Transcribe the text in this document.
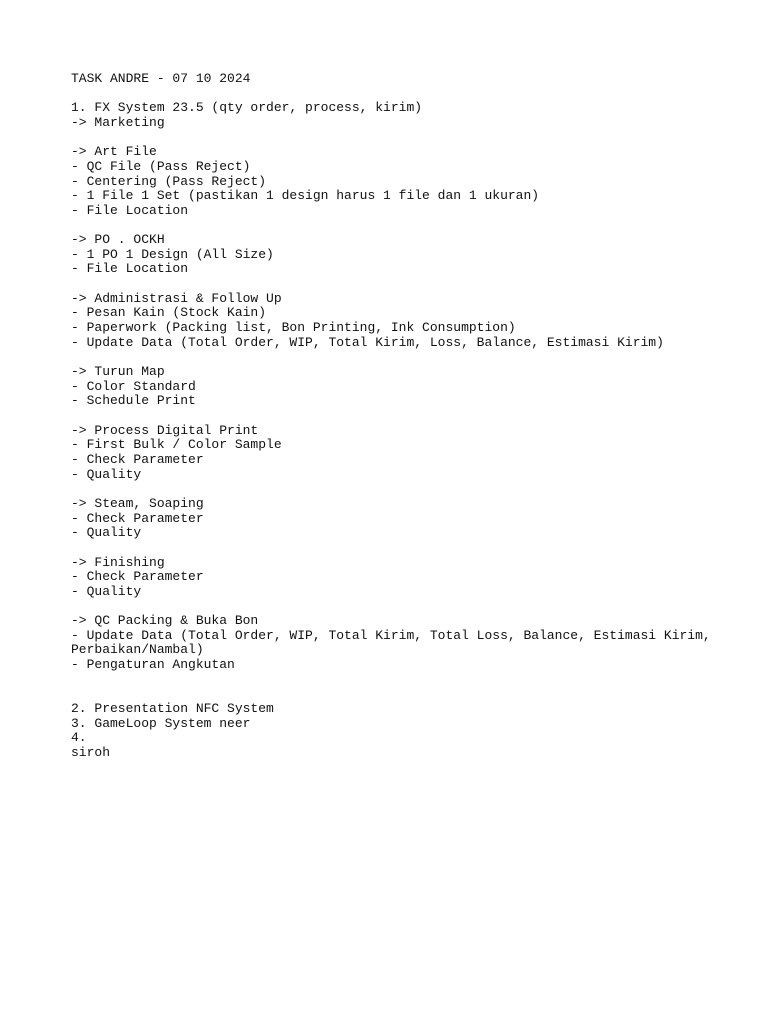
TASK ANDRE - 07 10 2024
1. FX System 23.5 (qty order, process, kirim)
-> Marketing
-> Art File
- QC File (Pass Reject)
- Centering (Pass Reject)
- 1 File 1 Set (pastikan 1 design harus 1 file dan 1 ukuran)
- File Location
-> PO . OCKH
- 1 PO 1 Design (All Size)
- File Location
-> Administrasi & Follow Up
- Pesan Kain (Stock Kain)
- Paperwork (Packing list, Bon Printing, Ink Consumption)
- Update Data (Total Order, WIP, Total Kirim, Loss, Balance, Estimasi Kirim)
-> Turun Map
- Color Standard
- Schedule Print
-> Process Digital Print
- First Bulk / Color Sample
- Check Parameter
- Quality
-> Steam, Soaping
- Check Parameter
- Quality
-> Finishing
- Check Parameter
- Quality
-> QC Packing & Buka Bon
- Update Data (Total Order, WIP, Total Kirim, Total Loss, Balance, Estimasi Kirim,
Perbaikan/Nambal)
- Pengaturan Angkutan
2. Presentation NFC System
3. GameLoop System neer
4.
siroh
